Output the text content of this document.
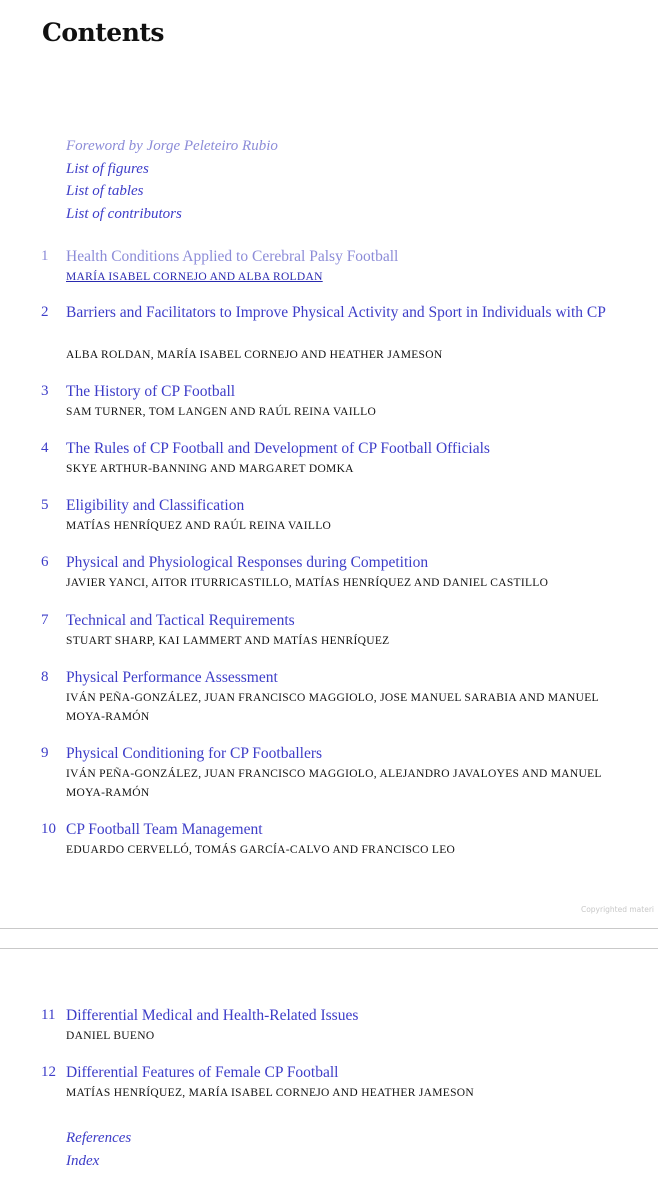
Contents
Foreword by Jorge Peleteiro Rubio
List of figures
List of tables
List of contributors
1 Health Conditions Applied to Cerebral Palsy Football
MARÍA ISABEL CORNEJO AND ALBA ROLDAN
2 Barriers and Facilitators to Improve Physical Activity and Sport in Individuals with CP
ALBA ROLDAN, MARÍA ISABEL CORNEJO AND HEATHER JAMESON
3 The History of CP Football
SAM TURNER, TOM LANGEN AND RAÚL REINA VAILLO
4 The Rules of CP Football and Development of CP Football Officials
SKYE ARTHUR-BANNING AND MARGARET DOMKA
5 Eligibility and Classification
MATÍAS HENRÍQUEZ AND RAÚL REINA VAILLO
6 Physical and Physiological Responses during Competition
JAVIER YANCI, AITOR ITURRICASTILLO, MATÍAS HENRÍQUEZ AND DANIEL CASTILLO
7 Technical and Tactical Requirements
STUART SHARP, KAI LAMMERT AND MATÍAS HENRÍQUEZ
8 Physical Performance Assessment
IVÁN PEÑA-GONZÁLEZ, JUAN FRANCISCO MAGGIOLO, JOSE MANUEL SARABIA AND MANUEL MOYA-RAMÓN
9 Physical Conditioning for CP Footballers
IVÁN PEÑA-GONZÁLEZ, JUAN FRANCISCO MAGGIOLO, ALEJANDRO JAVALOYES AND MANUEL MOYA-RAMÓN
10 CP Football Team Management
EDUARDO CERVELLÓ, TOMÁS GARCÍA-CALVO AND FRANCISCO LEO
Copyrighted materi
11 Differential Medical and Health-Related Issues
DANIEL BUENO
12 Differential Features of Female CP Football
MATÍAS HENRÍQUEZ, MARÍA ISABEL CORNEJO AND HEATHER JAMESON
References
Index
